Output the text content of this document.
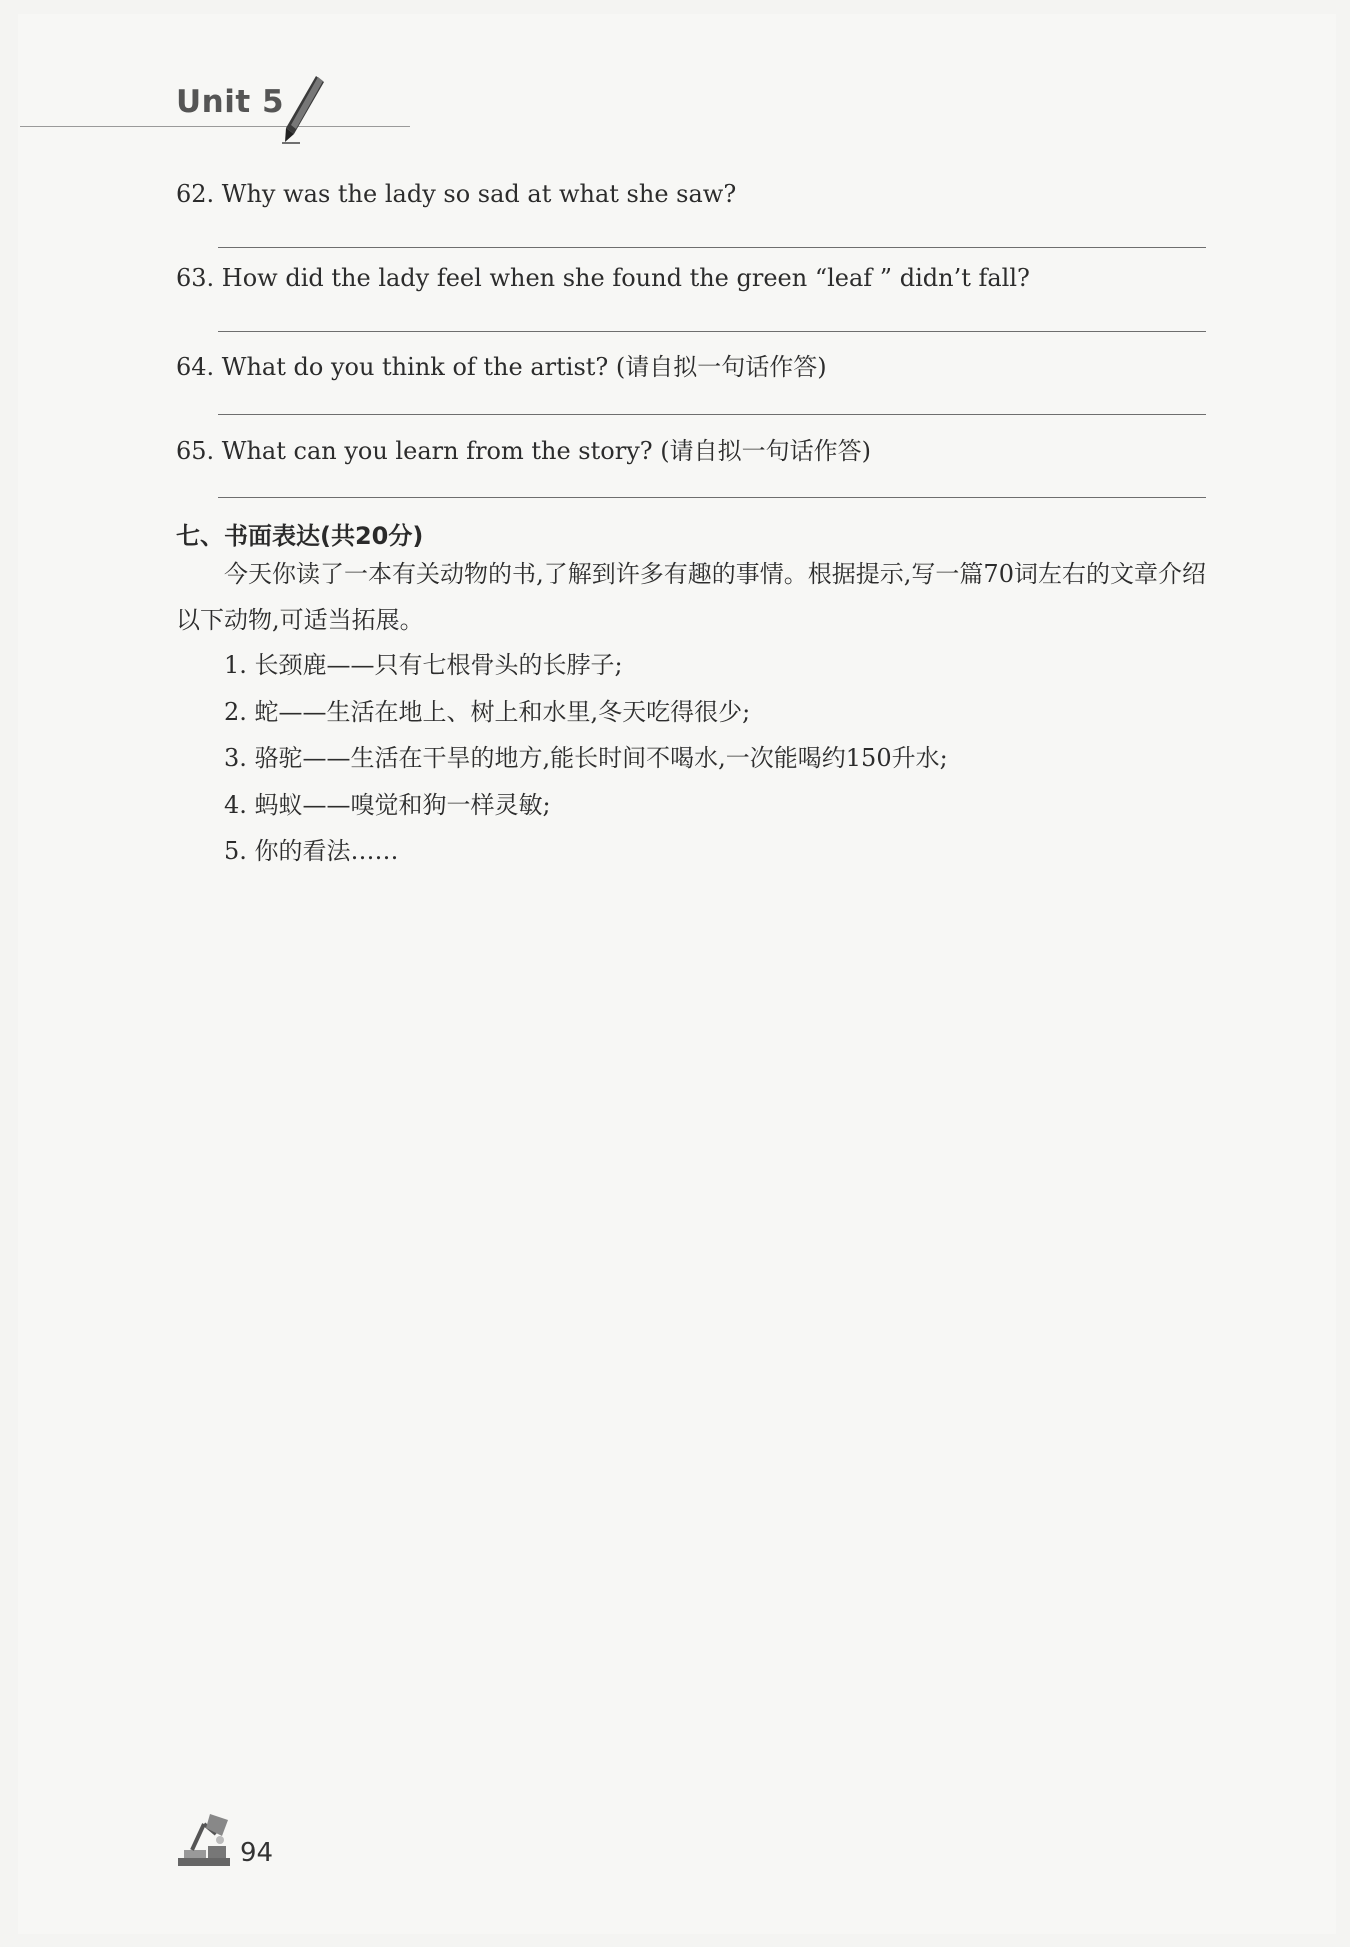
Unit 5
62. Why was the lady so sad at what she saw?
63. How did the lady feel when she found the green “leaf ” didn’t fall?
64. What do you think of the artist? (请自拟一句话作答)
65. What can you learn from the story? (请自拟一句话作答)
七、书面表达(共20分)
今天你读了一本有关动物的书,了解到许多有趣的事情。根据提示,写一篇70词左右的文章介绍以下动物,可适当拓展。
1. 长颈鹿——只有七根骨头的长脖子;
2. 蛇——生活在地上、树上和水里,冬天吃得很少;
3. 骆驼——生活在干旱的地方,能长时间不喝水,一次能喝约150升水;
4. 蚂蚁——嗅觉和狗一样灵敏;
5. 你的看法……
94
